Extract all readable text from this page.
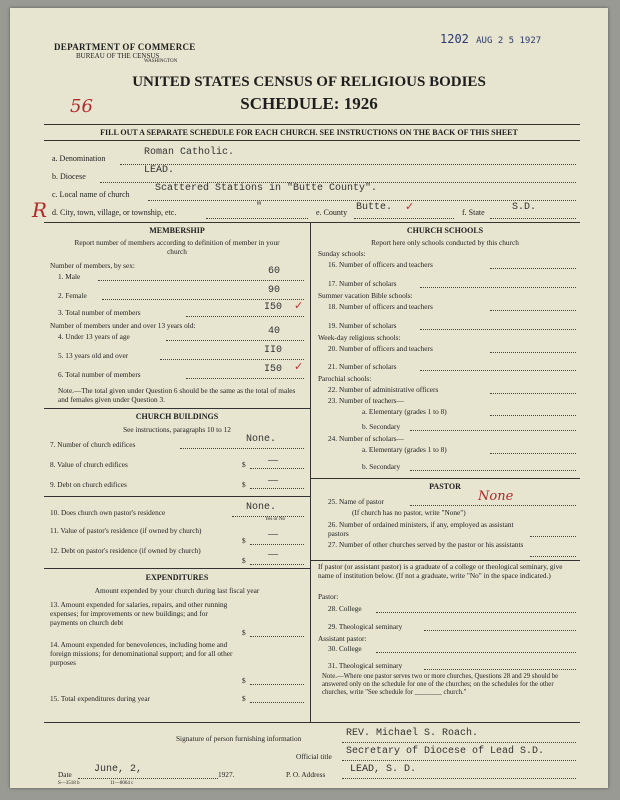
DEPARTMENT OF COMMERCE
BUREAU OF THE CENSUS
WASHINGTON
1202 AUG 2 5 1927
UNITED STATES CENSUS OF RELIGIOUS BODIES
SCHEDULE: 1926
56
FILL OUT A SEPARATE SCHEDULE FOR EACH CHURCH. SEE INSTRUCTIONS ON THE BACK OF THIS SHEET
a. Denomination
Roman Catholic.
b. Diocese
LEAD.
c. Local name of church
Scattered Stations in "Butte County".
R d. City, town, village, or township, etc.	"	e. County Butte. ✓	f. State	S.D.
MEMBERSHIP
Report number of members according to definition of member in your church
Number of members, by sex:
1. Male	60
2. Female	90
3. Total number of members	I50 ✓
Number of members under and over 13 years old:
4. Under 13 years of age	40
5. 13 years old and over	II0
6. Total number of members	I50 ✓
Note.—The total given under Question 6 should be the same as the total of males and females given under Question 3.
CHURCH BUILDINGS
See instructions, paragraphs 10 to 12
7. Number of church edifices	None.
8. Value of church edifices	$ —
9. Debt on church edifices	$ —
10. Does church own pastor's residence	None.
Yes or No
11. Value of pastor's residence (if owned by church)
$
—
12. Debt on pastor's residence (if owned by church)
$
—
EXPENDITURES
Amount expended by your church during last fiscal year
13. Amount expended for salaries, repairs, and other running expenses; for improvements or new buildings; and for payments on church debt
$
14. Amount expended for benevolences, including home and foreign missions; for denominational support; and for all other purposes
$
15. Total expenditures during year	$
CHURCH SCHOOLS
Report here only schools conducted by this church
Sunday schools:
16. Number of officers and teachers
17. Number of scholars
Summer vacation Bible schools:
18. Number of officers and teachers
19. Number of scholars
Week-day religious schools:
20. Number of officers and teachers
21. Number of scholars
Parochial schools:
22. Number of administrative officers
23. Number of teachers—
a. Elementary (grades 1 to 8)
b. Secondary
24. Number of scholars—
a. Elementary (grades 1 to 8)
b. Secondary
PASTOR
25. Name of pastor	None
(If church has no pastor, write "None")
26. Number of ordained ministers, if any, employed as assistant pastors
27. Number of other churches served by the pastor or his assistants
If pastor (or assistant pastor) is a graduate of a college or theological seminary, give name of institution below. (If not a graduate, write "No" in the space indicated.)
Pastor:
28. College
29. Theological seminary
Assistant pastor:
30. College
31. Theological seminary
Note.—Where one pastor serves two or more churches, Questions 28 and 29 should be answered only on the schedule for one of the churches; on the schedules for the other churches, write "See schedule for ________ church."
Signature of person furnishing information	REV. Michael S. Roach.
Official title Secretary of Diocese of Lead S.D.
Date June, 2,	1927.	P. O. Address LEAD, S. D.
S—3518 b	11—8064 c
